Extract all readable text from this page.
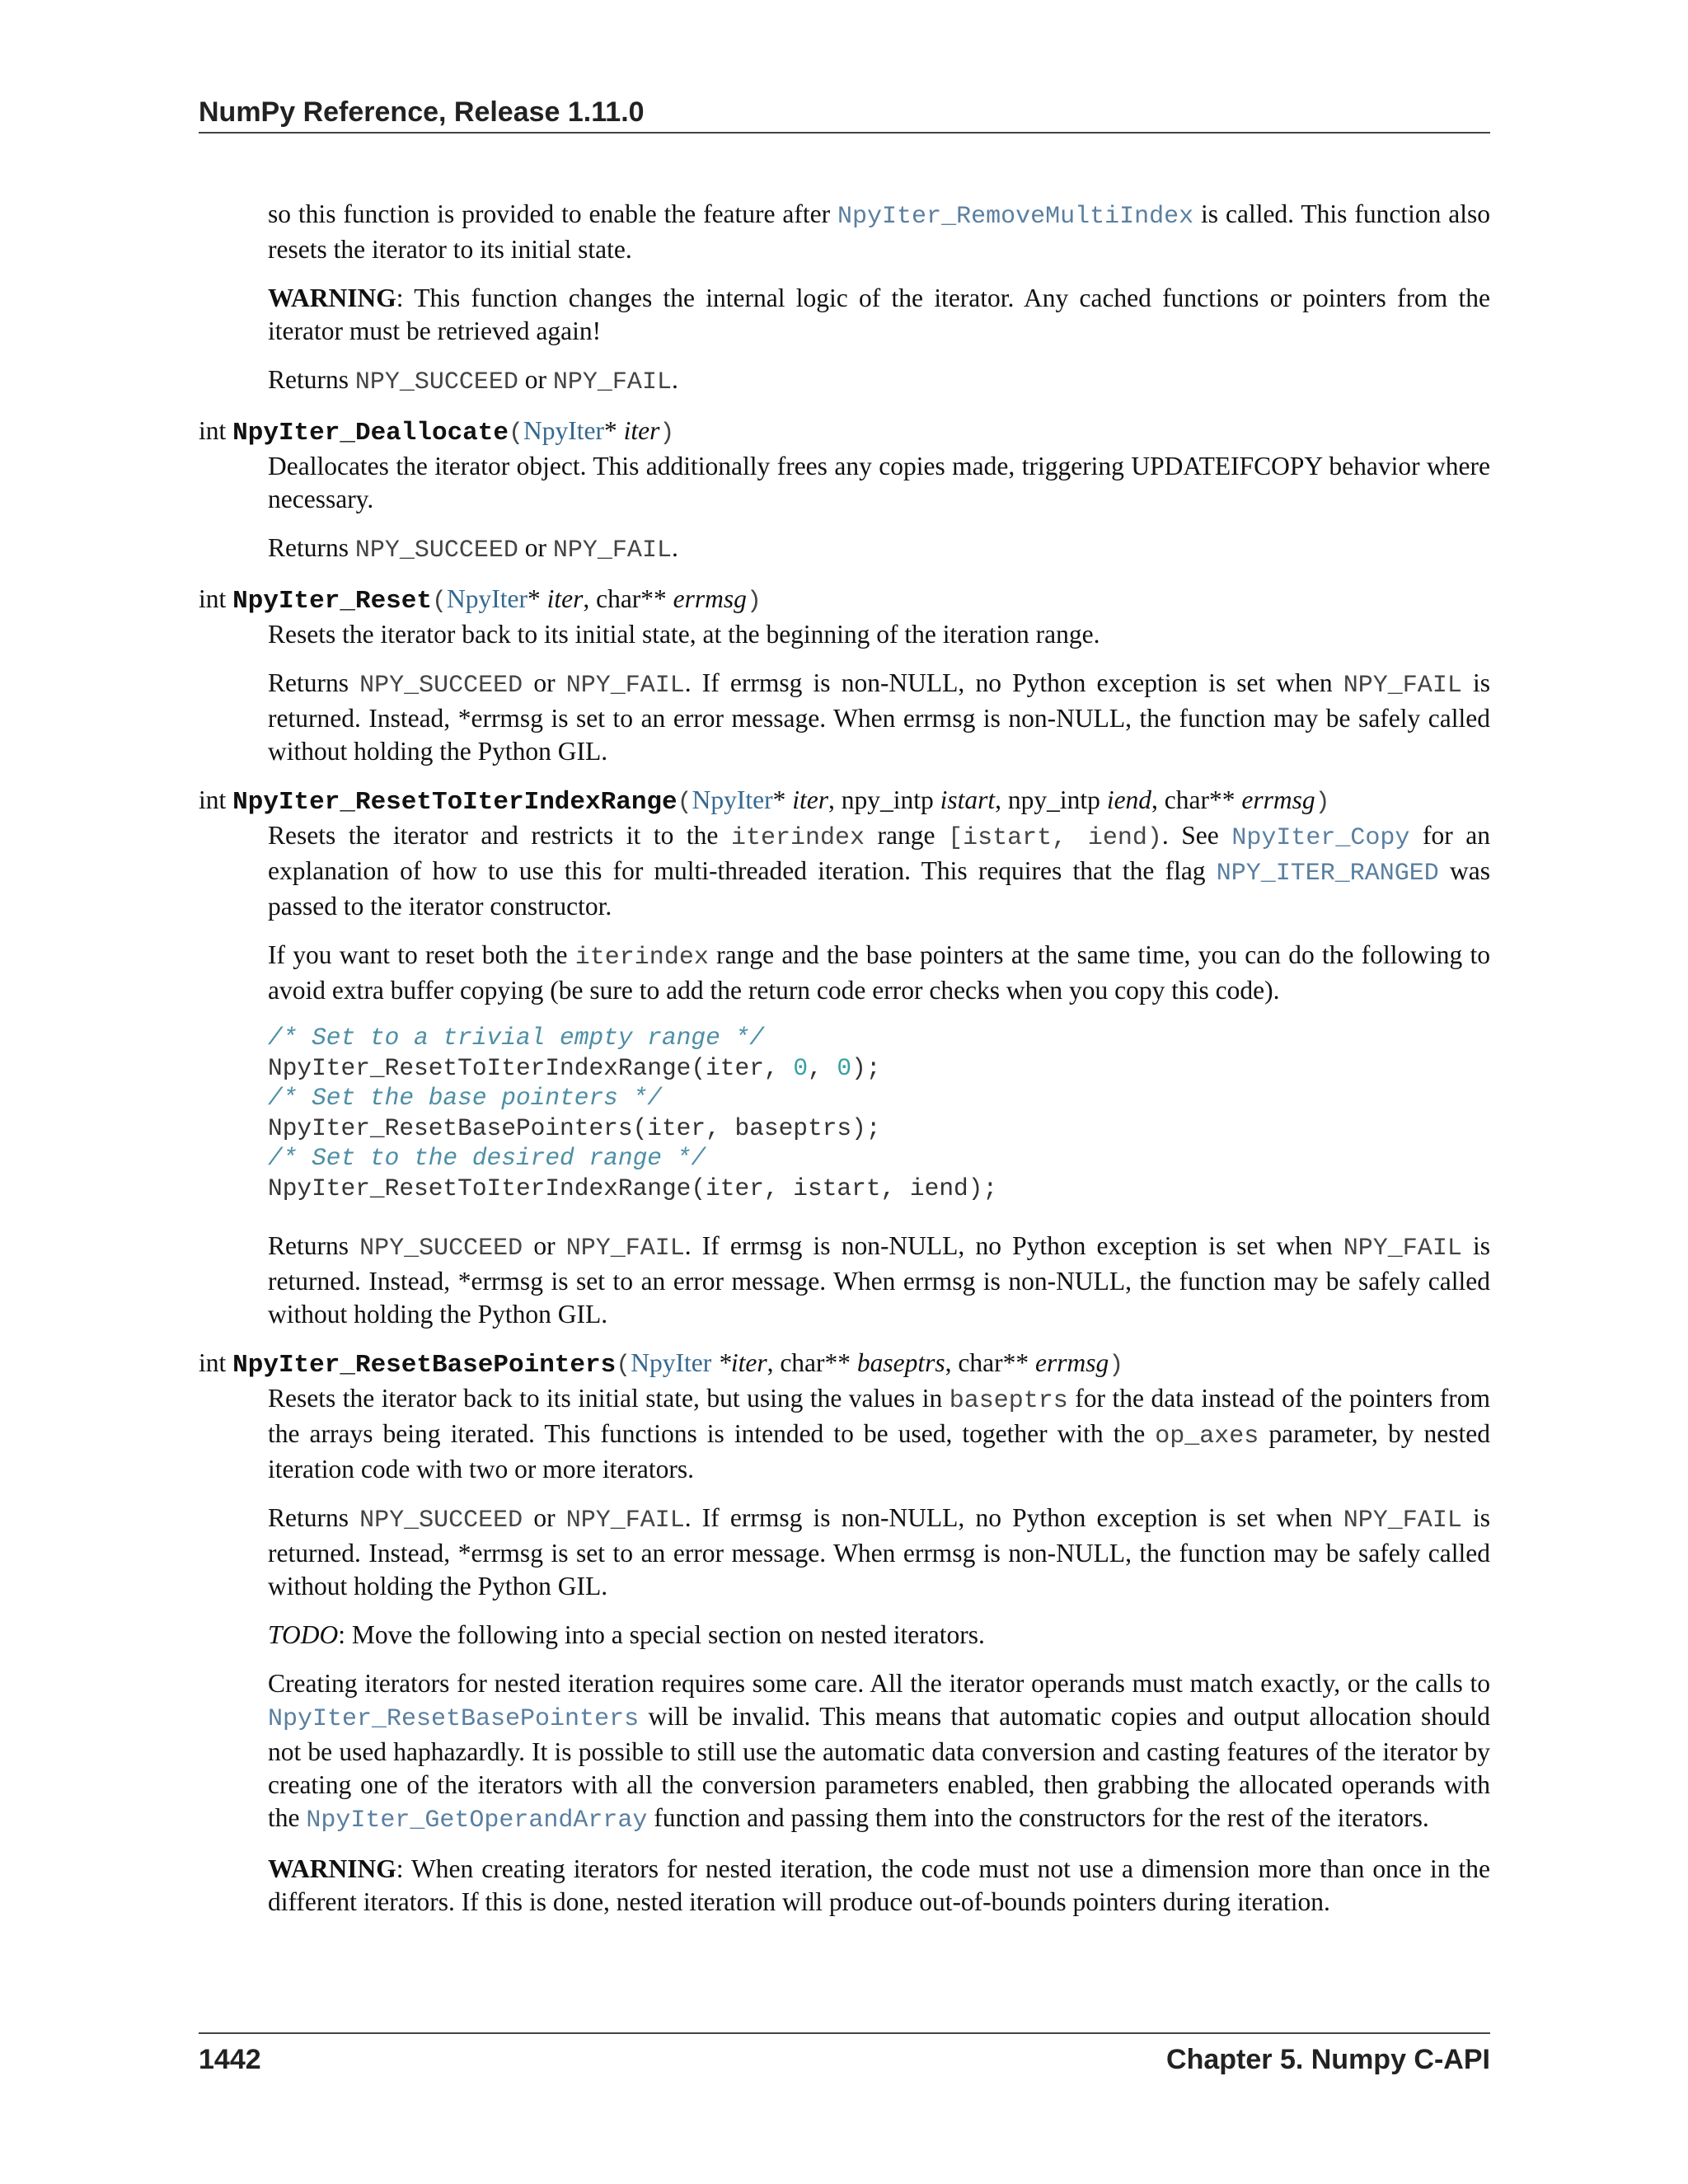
NumPy Reference, Release 1.11.0

so this function is provided to enable the feature after NpyIter_RemoveMultiIndex is called. This function also resets the iterator to its initial state.

WARNING: This function changes the internal logic of the iterator. Any cached functions or pointers from the iterator must be retrieved again!

Returns NPY_SUCCEED or NPY_FAIL.

int NpyIter_Deallocate(NpyIter* iter)

Deallocates the iterator object. This additionally frees any copies made, triggering UPDATEIFCOPY behavior where necessary.

Returns NPY_SUCCEED or NPY_FAIL.

int NpyIter_Reset(NpyIter* iter, char** errmsg)

Resets the iterator back to its initial state, at the beginning of the iteration range.

Returns NPY_SUCCEED or NPY_FAIL. If errmsg is non-NULL, no Python exception is set when NPY_FAIL is returned. Instead, *errmsg is set to an error message. When errmsg is non-NULL, the function may be safely called without holding the Python GIL.

int NpyIter_ResetToIterIndexRange(NpyIter* iter, npy_intp istart, npy_intp iend, char** errmsg)

Resets the iterator and restricts it to the iterindex range [istart, iend). See NpyIter_Copy for an explanation of how to use this for multi-threaded iteration. This requires that the flag NPY_ITER_RANGED was passed to the iterator constructor.

If you want to reset both the iterindex range and the base pointers at the same time, you can do the following to avoid extra buffer copying (be sure to add the return code error checks when you copy this code).

/* Set to a trivial empty range */
NpyIter_ResetToIterIndexRange(iter, 0, 0);
/* Set the base pointers */
NpyIter_ResetBasePointers(iter, baseptrs);
/* Set to the desired range */
NpyIter_ResetToIterIndexRange(iter, istart, iend);

Returns NPY_SUCCEED or NPY_FAIL. If errmsg is non-NULL, no Python exception is set when NPY_FAIL is returned. Instead, *errmsg is set to an error message. When errmsg is non-NULL, the function may be safely called without holding the Python GIL.

int NpyIter_ResetBasePointers(NpyIter *iter, char** baseptrs, char** errmsg)

Resets the iterator back to its initial state, but using the values in baseptrs for the data instead of the pointers from the arrays being iterated. This functions is intended to be used, together with the op_axes parameter, by nested iteration code with two or more iterators.

Returns NPY_SUCCEED or NPY_FAIL. If errmsg is non-NULL, no Python exception is set when NPY_FAIL is returned. Instead, *errmsg is set to an error message. When errmsg is non-NULL, the function may be safely called without holding the Python GIL.

TODO: Move the following into a special section on nested iterators.

Creating iterators for nested iteration requires some care. All the iterator operands must match exactly, or the calls to NpyIter_ResetBasePointers will be invalid. This means that automatic copies and output allocation should not be used haphazardly. It is possible to still use the automatic data conversion and casting features of the iterator by creating one of the iterators with all the conversion parameters enabled, then grabbing the allocated operands with the NpyIter_GetOperandArray function and passing them into the constructors for the rest of the iterators.

WARNING: When creating iterators for nested iteration, the code must not use a dimension more than once in the different iterators. If this is done, nested iteration will produce out-of-bounds pointers during iteration.

1442	Chapter 5. Numpy C-API
